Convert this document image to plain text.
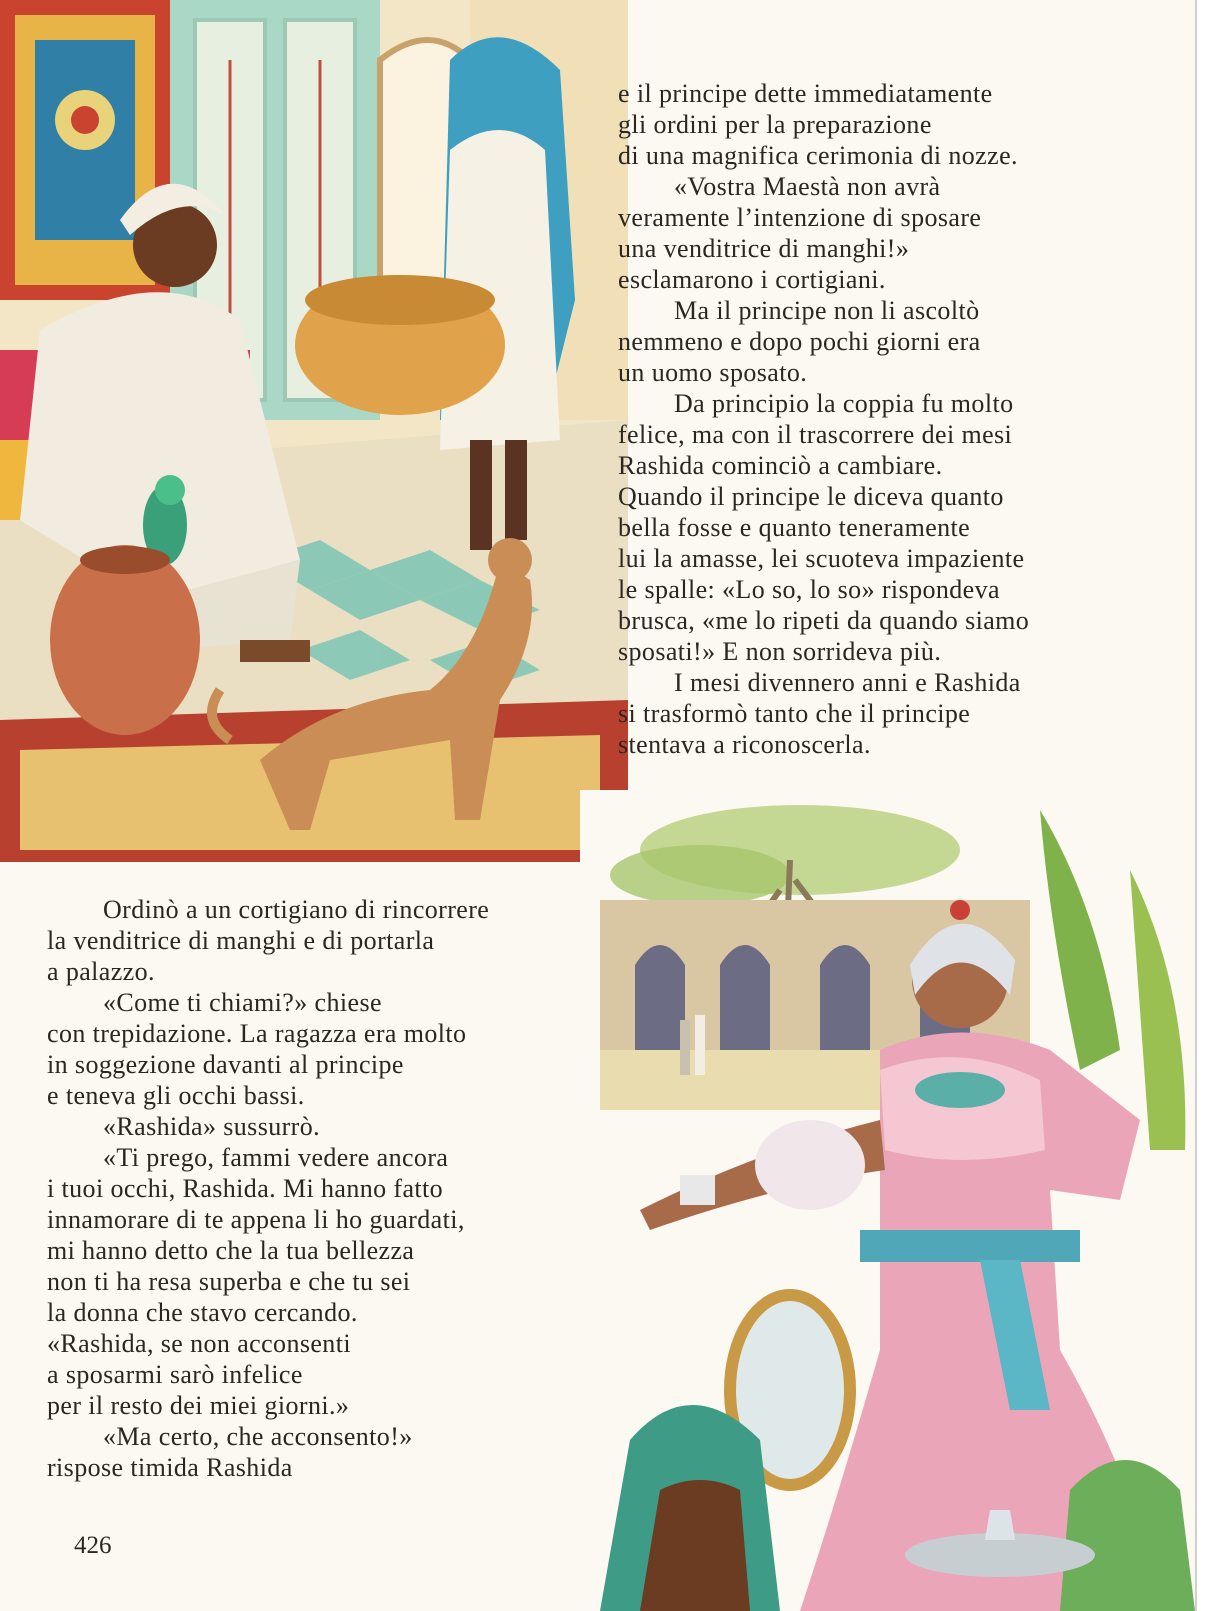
e il principe dette immediatamente

gli ordini per la preparazione

di una magnifica cerimonia di nozze.

«Vostra Maestà non avrà

veramente l’intenzione di sposare

una venditrice di manghi!»

esclamarono i cortigiani.

Ma il principe non li ascoltò

nemmeno e dopo pochi giorni era

un uomo sposato.

Da principio la coppia fu molto

felice, ma con il trascorrere dei mesi

Rashida cominciò a cambiare.

Quando il principe le diceva quanto

bella fosse e quanto teneramente

lui la amasse, lei scuoteva impaziente

le spalle: «Lo so, lo so» rispondeva

brusca, «me lo ripeti da quando siamo

sposati!» E non sorrideva più.

I mesi divennero anni e Rashida

si trasformò tanto che il principe

stentava a riconoscerla.

Ordinò a un cortigiano di rincorrere

la venditrice di manghi e di portarla

a palazzo.

«Come ti chiami?» chiese

con trepidazione. La ragazza era molto

in soggezione davanti al principe

e teneva gli occhi bassi.

«Rashida» sussurrò.

«Ti prego, fammi vedere ancora

i tuoi occhi, Rashida. Mi hanno fatto

innamorare di te appena li ho guardati,

mi hanno detto che la tua bellezza

non ti ha resa superba e che tu sei

la donna che stavo cercando.

«Rashida, se non acconsenti

a sposarmi sarò infelice

per il resto dei miei giorni.»

«Ma certo, che acconsento!»

rispose timida Rashida

426
